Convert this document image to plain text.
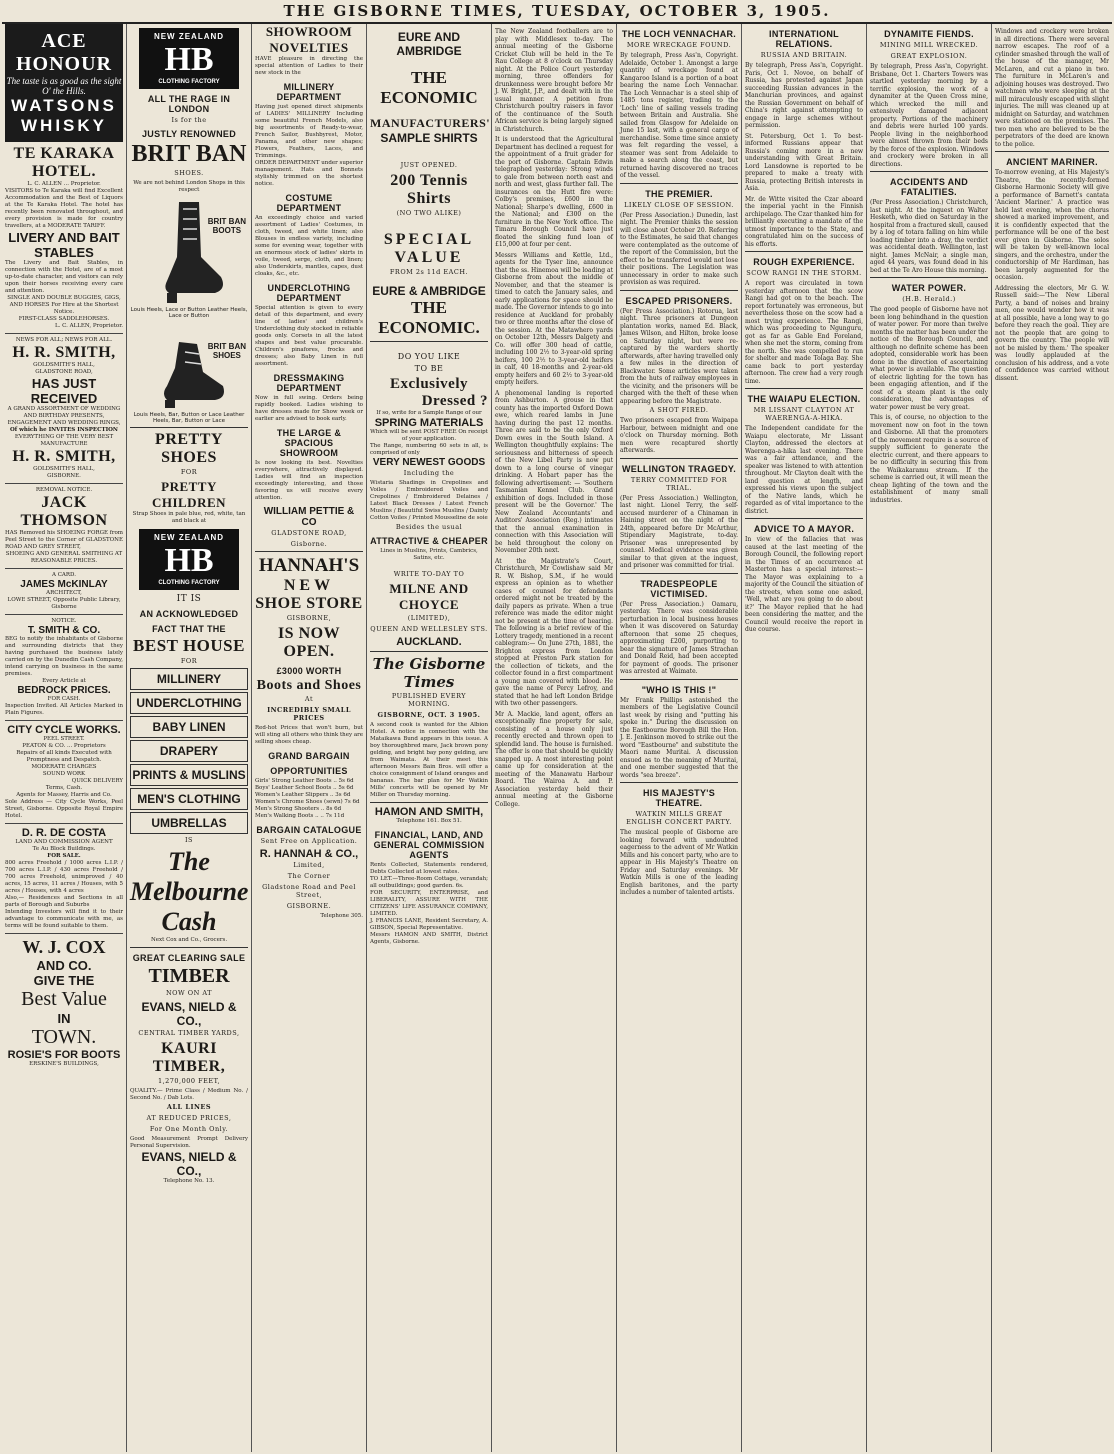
THE GISBORNE TIMES, TUESDAY, OCTOBER 3, 1905.
ACE
HONOUR
The taste is as good as the sight O' the Hills.
WATSONS
WHISKY
TE KARAKA HOTEL.
L. C. ALLEN ... Proprietor.
VISITORS to Te Karaka will find Excellent Accommodation and the Best of Liquors at the Te Karaka Hotel. The hotel has recently been renovated throughout, and every provision is made for country travellers, at a MODERATE TARIFF.
LIVERY AND BAIT STABLES
The Livery and Bait Stables, in connection with the Hotel, are of a most up-to-date character, and visitors can rely upon their horses receiving every care and attention.
SINGLE AND DOUBLE BUGGIES, GIGS, AND HORSES For Hire at the Shortest Notice.
FIRST-CLASS SADDLEHORSES.
L. C. ALLEN, Proprietor.
NEWS FOR ALL; NEWS FOR ALL.
H. R. SMITH,
GOLDSMITH'S HALL,
GLADSTONE ROAD,
HAS JUST RECEIVED
A GRAND ASSORTMENT OF WEDDING AND BIRTHDAY PRESENTS, ENGAGEMENT AND WEDDING RINGS,
Of which he INVITES INSPECTION
EVERYTHING OF THE VERY BEST MANUFACTURE
H. R. SMITH,
GOLDSMITH'S HALL,
GISBORNE.
REMOVAL NOTICE.
JACK THOMSON
HAS Removed his SHOEING FORGE from Peel Street to the Corner of GLADSTONE ROAD AND GREY STREET,
SHOEING AND GENERAL SMITHING AT REASONABLE PRICES.
A CARD.
JAMES McKINLAY
ARCHITECT,
LOWE STREET, Opposite Public Library, Gisborne
NOTICE.
T. SMITH & CO.
BEG to notify the inhabitants of Gisborne and surrounding districts that they having purchased the business lately carried on by the Dunedin Cash Company, intend carrying on business in the same premises.
Every Article at
BEDROCK PRICES.
FOR CASH.
Inspection Invited. All Articles Marked in Plain Figures.
CITY CYCLE WORKS.
PEEL STREET.
PEATON & CO. ... Proprietors
Repairs of all kinds Executed with Promptness and Despatch.
MODERATE CHARGES
SOUND WORK
QUICK DELIVERY
Terms, Cash.
Agents for Massey, Harris and Co.
Sole Address — City Cycle Works, Peel Street, Gisborne. Opposite Royal Empire Hotel.
D. R. DE COSTA
LAND AND COMMISSION AGENT
Te Au Block Buildings.
FOR SALE.
800 acres Freehold / 1000 acres L.I.P. / 700 acres L.I.P. / 430 acres Freehold / 700 acres Freehold, unimproved / 40 acres, 15 acres, 11 acres / Houses, with 5 acres / Houses, with 4 acres
Also,— Residences and Sections in all parts of Borough and Suburbs
Intending Investors will find it to their advantage to communicate with me, as terms will be found suitable to them.
W. J. COX
AND CO.
GIVE THE
Best Value
IN
TOWN.
ROSIE'S FOR BOOTS
ERSKINE'S BUILDINGS,
NEW ZEALAND
HB
CLOTHING FACTORY
ALL THE RAGE IN LONDON
Is for the
JUSTLY RENOWNED
BRIT BAN
SHOES.
We are not behind London Shops in this respect
BRIT BAN
BOOTS
Louis Heels, Lace or Button Leather Heels, Lace or Button
BRIT BAN
SHOES
Louis Heels, Bar, Button or Lace Leather Heels, Bar, Button or Lace
PRETTY SHOES
FOR
PRETTY CHILDREN
Strap Shoes in pale blue, red, white, tan and black at
NEW ZEALAND
HB
CLOTHING FACTORY
IT IS
AN ACKNOWLEDGED
FACT THAT THE
BEST HOUSE
FOR
MILLINERY
UNDERCLOTHING
BABY LINEN
DRAPERY
PRINTS & MUSLINS
MEN'S CLOTHING
UMBRELLAS
IS
The
Melbourne
Cash
Next Cox and Co., Grocers.
GREAT CLEARING SALE
TIMBER
NOW ON AT
EVANS, NIELD & CO.,
CENTRAL TIMBER YARDS,
KAURI TIMBER,
1,270,000 FEET,
QUALITY.— Prime Class / Medium No. / Second No. / Dab Lots.
ALL LINES
AT REDUCED PRICES,
For One Month Only.
Good Measurement Prompt Delivery Personal Supervision.
EVANS, NIELD & CO.,
Telephone No. 13.
SHOWROOM NOVELTIES
HAVE pleasure in directing the special attention of Ladies to their new stock in the
MILLINERY DEPARTMENT
Having just opened direct shipments of LADIES' MILLINERY Including some beautiful French Models, also big assortments of Ready-to-wear, French Sailor, Bushbyrest, Motor, Panama, and other new shapes; Flowers, Feathers, Laces, and Trimmings.
ORDER DEPARTMENT under superior management. Hats and Bonnets stylishly trimmed on the shortest notice.
COSTUME DEPARTMENT
An exceedingly choice and varied assortment of Ladies' Costumes, in cloth, tweed, and white linen; also Blouses in endless variety, including some for evening wear, together with an enormous stock of ladies' skirts in voile, tweed, serge, cloth, and linen; also Underskirts, mantles, capes, dust cloaks, &c., etc.
UNDERCLOTHING DEPARTMENT
Special attention is given to every detail of this department, and every line of ladies' and children's Underclothing duly stocked in reliable goods only. Corsets in all the latest shapes and best value procurable. Children's pinafores, frocks and dresses; also Baby Linen in full assortment.
DRESSMAKING DEPARTMENT
Now in full swing. Orders being rapidly booked. Ladies wishing to have dresses made for Show week or earlier are advised to book early.
THE LARGE & SPACIOUS SHOWROOM
Is now looking its best. Novelties everywhere, attractively displayed. Ladies will find an inspection exceedingly interesting, and those favoring us will receive every attention.
WILLIAM PETTIE & CO
GLADSTONE ROAD,
Gisborne.
HANNAH'S
NEW
SHOE STORE
GISBORNE,
IS NOW OPEN.
£3000 WORTH
Boots and Shoes
At
INCREDIBLY SMALL PRICES
Red-hot Prices that won't burn, but will sting all others who think they are selling shoes cheap.
GRAND BARGAIN
OPPORTUNITIES
Girls' Strong Leather Boots .. 5s 6d
Boys' Leather School Boots .. 5s 6d
Women's Leather Slippers .. 3s 6d
Women's Chrome Shoes (sewn) 7s 6d
Men's Strong Shooters .. 8s 6d
Men's Walking Boots .. .. 7s 11d
BARGAIN CATALOGUE
Sent Free on Application.
R. HANNAH & CO.,
Limited,
The Corner
Gladstone Road and Peel Street,
GISBORNE.
Telephone 305.
EURE AND AMBRIDGE
THE ECONOMIC
MANUFACTURERS'
SAMPLE SHIRTS
JUST OPENED.
200 Tennis Shirts
(NO TWO ALIKE)
SPECIAL
VALUE
FROM 2s 11d EACH.
EURE & AMBRIDGE
THE ECONOMIC.
DO YOU LIKE
TO BE
Exclusively
Dressed ?
If so, write for a Sample Range of our
SPRING MATERIALS
Which will be sent POST FREE On receipt of your application.
The Range, numbering 60 sets in all, is comprised of only
VERY NEWEST GOODS
Including the
Wistaria Shadings in Crepolines and Voiles / Embroidered Voiles and Crepolines / Embroidered Delaines / Latest Black Dresses / Latest French Muslins / Beautiful Swiss Muslins / Dainty Cotton Voiles / Printed Mousseline de soie
Besides the usual
ATTRACTIVE & CHEAPER
Lines in Muslins, Prints, Cambrics, Satins, etc.
WRITE TO-DAY TO
MILNE AND CHOYCE
(LIMITED),
QUEEN AND WELLESLEY STS.
AUCKLAND.
The Gisborne Times
PUBLISHED EVERY MORNING.
GISBORNE, OCT. 3 1905.
A second cook is wanted for the Albion Hotel. A notice in connection with the Mataikawa Bund appears in this issue. A boy thoroughbred mare, Jack brown pony gelding, and bright bay pony gelding, are from Waimata. At their meet this afternoon Messrs Bain Bros. will offer a choice consignment of Island oranges and bananas. The bar plan for Mr Watkin Mills' concerts will be opened by Mr Miller on Thursday morning.
HAMON AND SMITH,
Telephone 161. Box 51.
FINANCIAL, LAND, AND GENERAL COMMISSION AGENTS
Rents Collected, Statements rendered, Debts Collected at lowest rates.
TO LET.—Three-Room Cottage, verandah; all outbuildings; good garden. 6s.
FOR SECURITY, ENTERPRISE, and LIBERALITY, ASSURE WITH THE CITIZENS' LIFE ASSURANCE COMPANY, LIMITED.
J. FRANCIS LANE, Resident Secretary, A. GIBSON, Special Representative.
Messrs HAMON AND SMITH, District Agents, Gisborne.
The New Zealand footballers are to play with Middlesex to-day. The annual meeting of the Gisborne Cricket Club will be held in the Te Rau College at 8 o'clock on Thursday night. At the Police Court yesterday morning, three offenders for drunkenness were brought before Mr J. W. Bright, J.P., and dealt with in the usual manner. A petition from Christchurch poultry raisers in favor of the continuance of the South African service is being largely signed in Christchurch.
It is understood that the Agricultural Department has declined a request for the appointment of a fruit grader for the port of Gisborne. Captain Edwin telegraphed yesterday: Strong winds to gale from between north east and north and west, glass further fall. The insurances on the Hutt fire were: Colby's premises, £600 in the National; Sharpe's dwelling, £600 in the National; and £300 on the furniture in the New York office. The Timaru Borough Council have just floated the sinking fund loan of £15,000 at four per cent.
Messrs Williams and Kettle, Ltd., agents for the Tyser line, announce that the ss. Hinemoa will be loading at Gisborne from about the middle of November, and that the steamer is timed to catch the January sales, and early applications for space should be made. The Governor intends to go into residence at Auckland for probably two or three months after the close of the session. At the Matawhero yards on October 12th, Messrs Dalgety and Co. will offer 300 head of cattle, including 100 2½ to 3-year-old spring heifers, 100 2½ to 3-year-old heifers in calf, 40 18-months and 2-year-old empty heifers and 60 2½ to 3-year-old empty heifers.
A phenomenal landing is reported from Ashburton. A grouse in that county has the imported Oxford Down ewe, which reared lambs in June having during the past 12 months. Three are said to be the only Oxford Down ewes in the South Island. A Wellington thoughtfully explains: The seriousness and bitterness of speech of the New Libel Party is now put down to a long course of vinegar drinking. A Hobart paper has the following advertisement: — 'Southern Tasmanian Kennel Club. Grand exhibition of dogs. Included in those present will be the Governor.' The New Zealand Accountants' and Auditors' Association (Reg.) intimates that the annual examination in connection with this Association will be held throughout the colony on November 20th next.
At the Magistrate's Court, Christchurch, Mr Cowlishaw said Mr R. W. Bishop, S.M., if he would express an opinion as to whether cases of counsel for defendants ordered might not be treated by the daily papers as private. When a true reference was made the editor might not be present at the time of hearing. The following is a brief review of the Lottery tragedy, mentioned in a recent cablegram:— On June 27th, 1881, the Brighton express from London stopped at Preston Park station for the collection of tickets, and the collector found in a first compartment a young man covered with blood. He gave the name of Percy Lefroy, and stated that he had left London Bridge with two other passengers.
Mr A. Mackie, land agent, offers an exceptionally fine property for sale, consisting of a house only just recently erected and thrown open to splendid land. The house is furnished. The offer is one that should be quickly snapped up. A most interesting point came up for consideration at the meeting of the Manawatu Harbour Board. The Wairoa A. and P. Association yesterday held their annual meeting at the Gisborne College.
THE LOCH VENNACHAR.
MORE WRECKAGE FOUND.
By telegraph, Press Ass'n, Copyright. Adelaide, October 1. Amongst a large quantity of wreckage found at Kangaroo Island is a portion of a boat bearing the name Loch Vennachar. The Loch Vennachar is a steel ship of 1485 tons register, trading to the 'Loch' line of sailing vessels trading between Britain and Australia. She sailed from Glasgow for Adelaide on June 15 last, with a general cargo of merchandise. Some time since anxiety was felt regarding the vessel, a steamer was sent from Adelaide to make a search along the coast, but returned having discovered no traces of the vessel.
THE PREMIER.
LIKELY CLOSE OF SESSION.
(Per Press Association.) Dunedin, last night. The Premier thinks the session will close about October 20. Referring to the Estimates, he said that changes were contemplated as the outcome of the report of the Commission, but the effect to be transferred would not lose their positions. The Legislation was unnecessary in order to make such provision as was required.
ESCAPED PRISONERS.
(Per Press Association.) Rotorua, last night. Three prisoners at Dungeon plantation works, named Ed. Black, James Wilson, and Hilton, broke loose on Saturday night, but were re-captured by the warders shortly afterwards, after having travelled only a few miles in the direction of Blackwater. Some articles were taken from the huts of railway employees in the vicinity, and the prisoners will be charged with the theft of these when appearing before the Magistrate.
A SHOT FIRED.
Two prisoners escaped from Waipapa Harbour, between midnight and one o'clock on Thursday morning. Both men were recaptured shortly afterwards.
WELLINGTON TRAGEDY.
TERRY COMMITTED FOR TRIAL.
(Per Press Association.) Wellington, last night. Lionel Terry, the self-accused murderer of a Chinaman in Haining street on the night of the 24th, appeared before Dr McArthur, Stipendiary Magistrate, to-day. Prisoner was unrepresented by counsel. Medical evidence was given similar to that given at the inquest, and prisoner was committed for trial.
TRADESPEOPLE VICTIMISED.
(Per Press Association.) Oamaru, yesterday. There was considerable perturbation in local business houses when it was discovered on Saturday afternoon that some 25 cheques, approximating £200, purporting to bear the signature of James Strachan and Donald Reid, had been accepted for payment of goods. The prisoner was arrested at Waimate.
"WHO IS THIS !"
Mr Frank Phillips astonished the members of the Legislative Council last week by rising and "putting his spoke in." During the discussion on the Eastbourne Borough Bill the Hon. J. E. Jenkinson moved to strike out the word "Eastbourne" and substitute the Maori name Muritai. A discussion ensued as to the meaning of Muritai, and one member suggested that the words "sea breeze".
HIS MAJESTY'S THEATRE.
WATKIN MILLS GREAT ENGLISH CONCERT PARTY.
The musical people of Gisborne are looking forward with undoubted eagerness to the advent of Mr Watkin Mills and his concert party, who are to appear in His Majesty's Theatre on Friday and Saturday evenings. Mr Watkin Mills is one of the leading English baritones, and the party includes a number of talented artists.
INTERNATIONL RELATIONS.
RUSSIA AND BRITAIN.
By telegraph, Press Ass'n, Copyright. Paris, Oct 1. Novoe, on behalf of Russia, has protested against Japan succeeding Russian advances in the Manchurian provinces, and against the Russian Government on behalf of China's right against attempting to engage in large schemes without permission.
St. Petersburg, Oct 1. To best-informed Russians appear that Russia's coming more in a new understanding with Great Britain. Lord Lansdowne is reported to be prepared to make a treaty with Russia, protecting British interests in Asia.
Mr. de Witte visited the Czar aboard the imperial yacht in the Finnish archipelago. The Czar thanked him for brilliantly executing a mandate of the utmost importance to the State, and congratulated him on the success of his efforts.
ROUGH EXPERIENCE.
SCOW RANGI IN THE STORM.
A report was circulated in town yesterday afternoon that the scow Rangi had got on to the beach. The report fortunately was erroneous, but nevertheless those on the scow had a most trying experience. The Rangi, which was proceeding to Ngunguru, got as far as Gable End Foreland, when she met the storm, coming from the north. She was compelled to run for shelter and made Tolaga Bay. She came back to port yesterday afternoon. The crew had a very rough time.
THE WAIAPU ELECTION.
MR LISSANT CLAYTON AT WAERENGA-A-HIKA.
The Independent candidate for the Waiapu electorate, Mr Lissant Clayton, addressed the electors at Waerenga-a-hika last evening. There was a fair attendance, and the speaker was listened to with attention throughout. Mr Clayton dealt with the land question at length, and expressed his views upon the subject of the Native lands, which he regarded as of vital importance to the district.
ADVICE TO A MAYOR.
In view of the fallacies that was caused at the last meeting of the Borough Council, the following report in the Times of an occurrence at Masterton has a special interest:— The Mayor was explaining to a majority of the Council the situation of the streets, when some one asked, 'Well, what are you going to do about it?' The Mayor replied that he had been considering the matter, and the Council would receive the report in due course.
DYNAMITE FIENDS.
MINING MILL WRECKED.
GREAT EXPLOSION.
By telegraph, Press Ass'n, Copyright. Brisbane, Oct 1. Charters Towers was startled yesterday morning by a terrific explosion, the work of a dynamiter at the Queen Cross mine, which wrecked the mill and extensively damaged adjacent property. Portions of the machinery and debris were hurled 100 yards. People living in the neighborhood were almost thrown from their beds by the force of the explosion. Windows and crockery were broken in all directions.
ACCIDENTS AND FATALITIES.
(Per Press Association.) Christchurch, last night. At the inquest on Walter Hesketh, who died on Saturday in the hospital from a fractured skull, caused by a log of totara falling on him while loading timber into a dray, the verdict was accidental death. Wellington, last night. James McNair, a single man, aged 44 years, was found dead in his bed at the Te Aro House this morning.
WATER POWER.
(H.B. Herald.)
The good people of Gisborne have not been long behindhand in the question of water power. For more than twelve months the matter has been under the notice of the Borough Council, and although no definite scheme has been adopted, considerable work has been done in the direction of ascertaining what power is available. The question of electric lighting for the town has been engaging attention, and if the cost of a steam plant is the only consideration, the advantages of water power must be very great.
This is, of course, no objection to the movement now on foot in the town and Gisborne. All that the promoters of the movement require is a source of supply sufficient to generate the electric current, and there appears to be no difficulty in securing this from the Waikakaramu stream. If the scheme is carried out, it will mean the cheap lighting of the town and the establishment of many small industries.
Windows and crockery were broken in all directions. There were several narrow escapes. The roof of a cylinder smashed through the wall of the house of the manager, Mr McLaren, and cut a piano in two. The furniture in McLaren's and adjoining houses was destroyed. Two watchmen who were sleeping at the mill miraculously escaped with slight injuries. The mill was cleaned up at midnight on Saturday, and watchmen were stationed on the premises. The two men who are believed to be the perpetrators of the deed are known to the police.
ANCIENT MARINER.
To-morrow evening, at His Majesty's Theatre, the recently-formed Gisborne Harmonic Society will give a performance of Barnett's cantata 'Ancient Mariner.' A practice was held last evening, when the chorus showed a marked improvement, and it is confidently expected that the performance will be one of the best ever given in Gisborne. The solos will be taken by well-known local singers, and the orchestra, under the conductorship of Mr Hardiman, has been largely augmented for the occasion.
Addressing the electors, Mr G. W. Russell said:—'The New Liberal Party, a band of noises and brainy men, one would wonder how it was at all possible, have a long way to go before they reach the goal. They are not the people that are going to govern the country. The people will not be misled by them.' The speaker was loudly applauded at the conclusion of his address, and a vote of confidence was carried without dissent.
